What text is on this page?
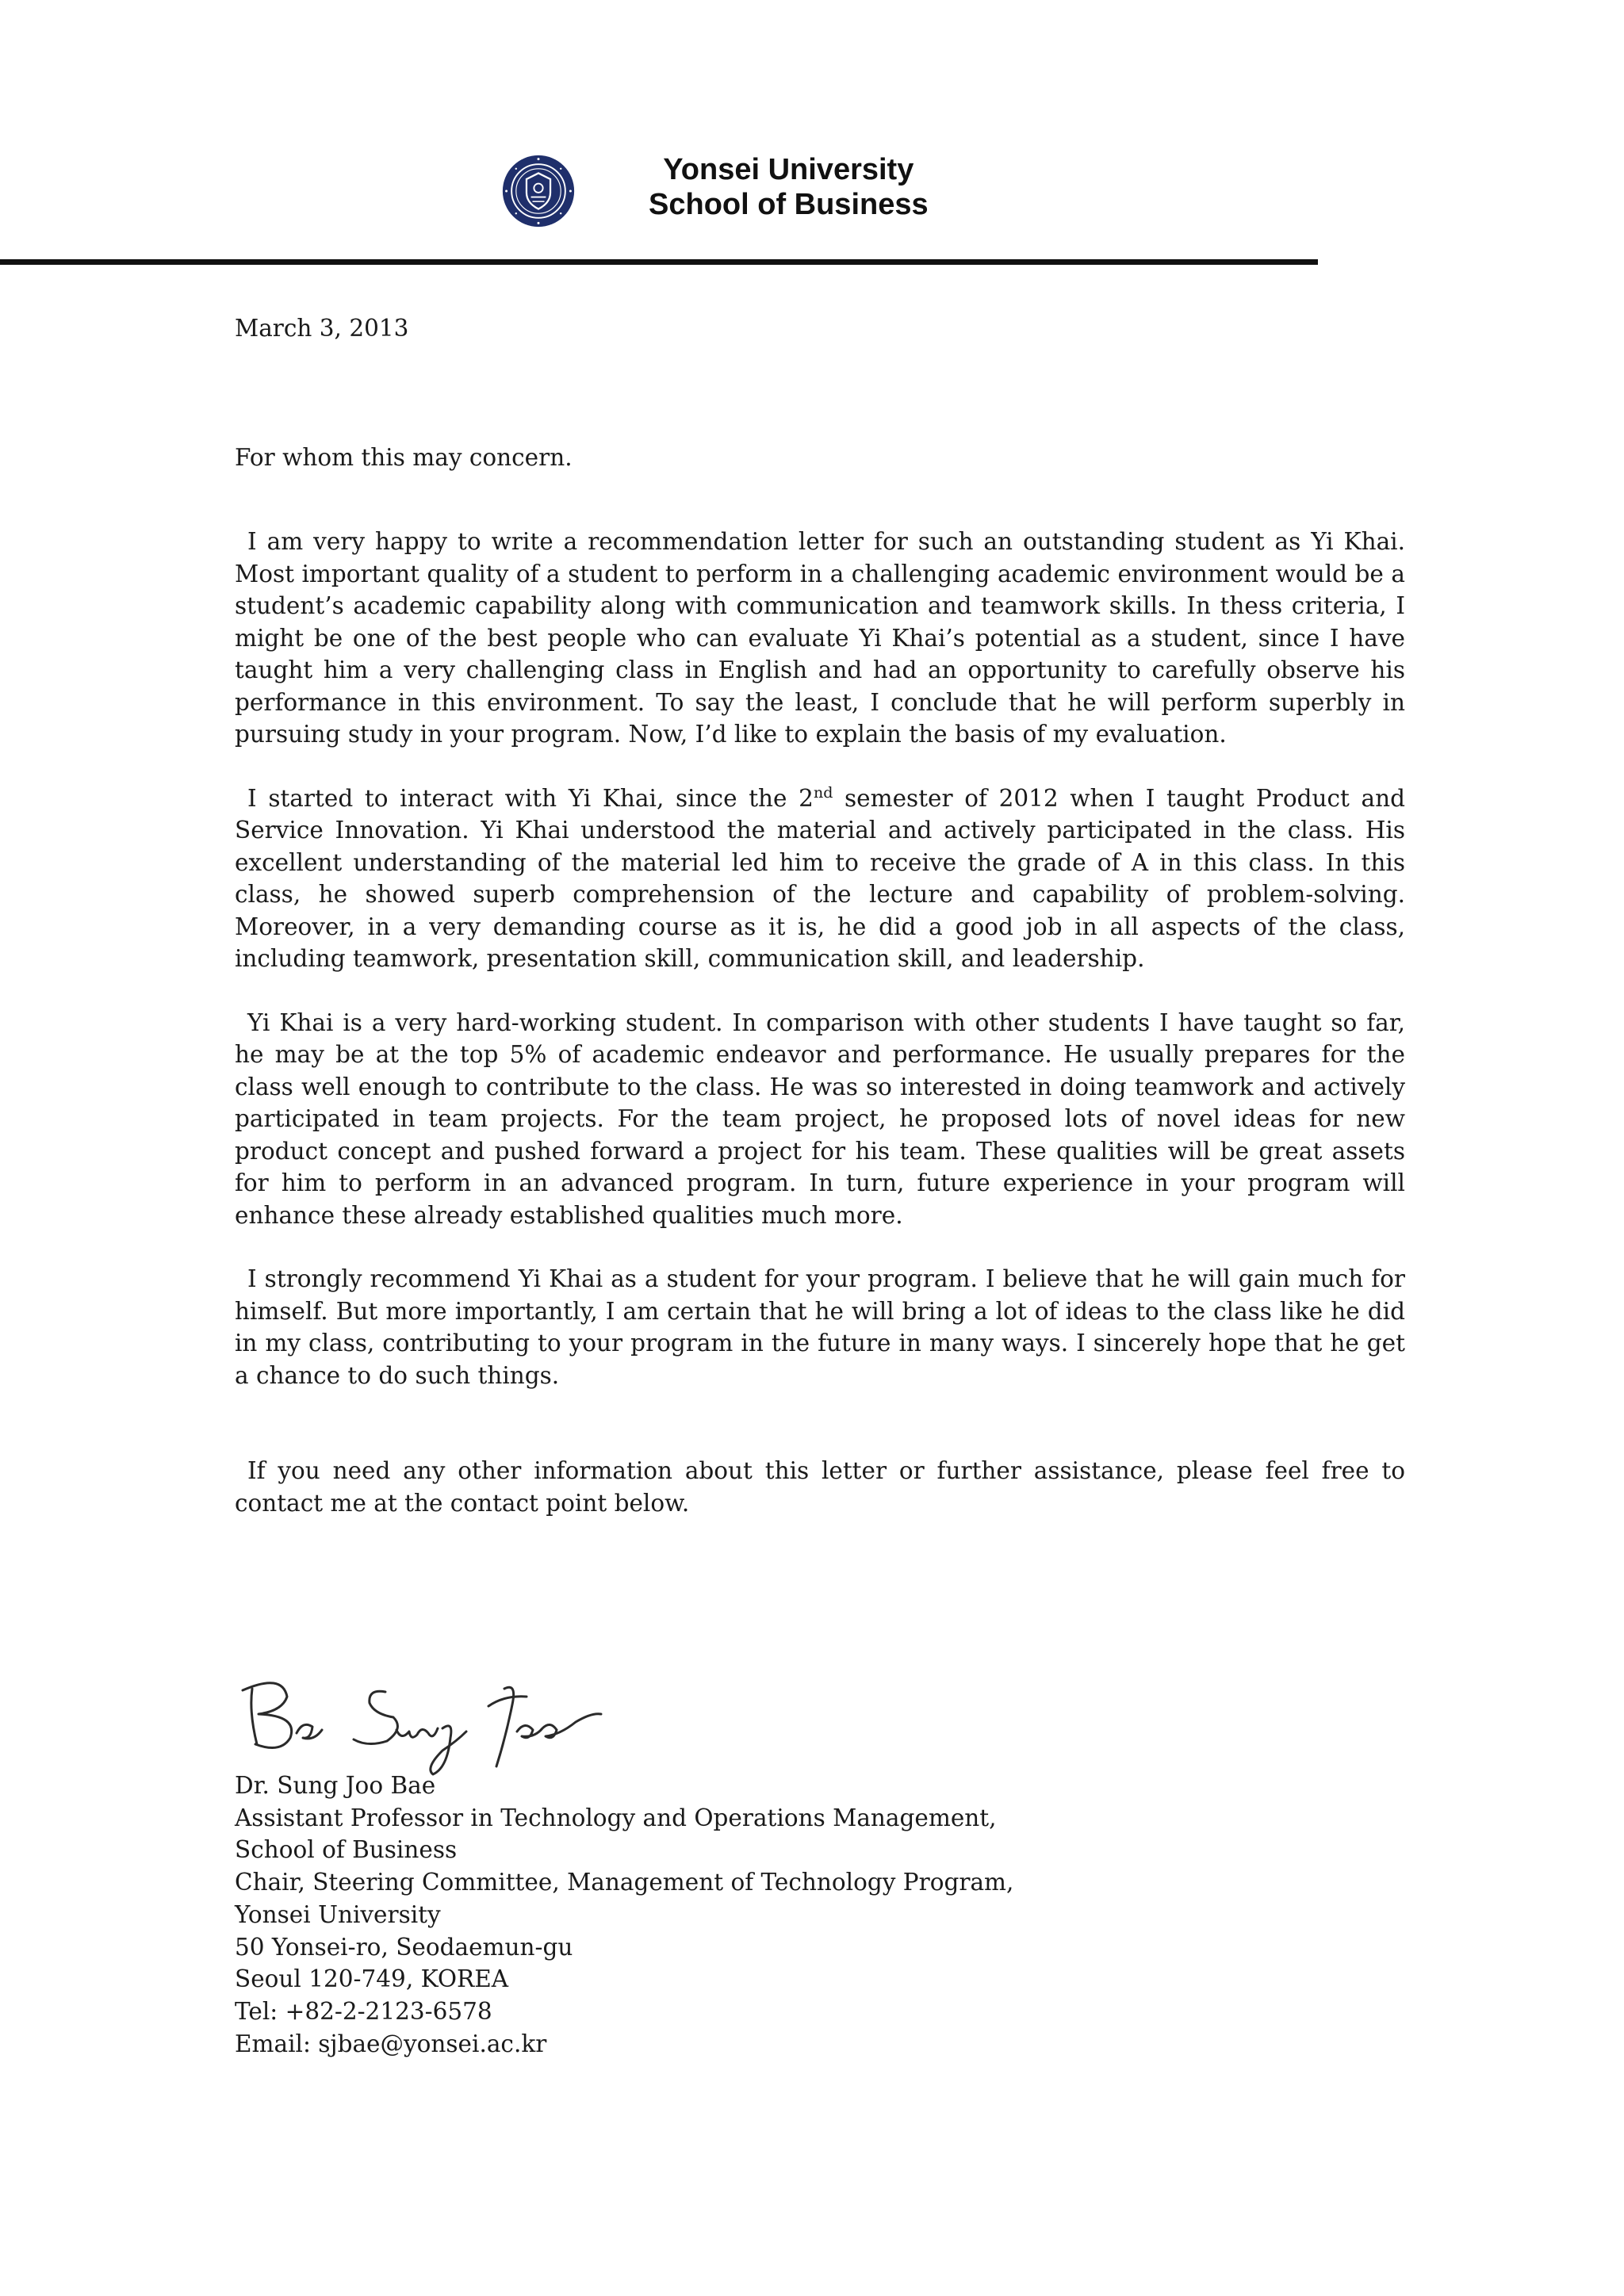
Yonsei University
School of Business

March 3, 2013

For whom this may concern.

I am very happy to write a recommendation letter for such an outstanding student as Yi Khai. Most important quality of a student to perform in a challenging academic environment would be a student’s academic capability along with communication and teamwork skills. In thess criteria, I might be one of the best people who can evaluate Yi Khai’s potential as a student, since I have taught him a very challenging class in English and had an opportunity to carefully observe his performance in this environment. To say the least, I conclude that he will perform superbly in pursuing study in your program. Now, I’d like to explain the basis of my evaluation.

I started to interact with Yi Khai, since the 2nd semester of 2012 when I taught Product and Service Innovation. Yi Khai understood the material and actively participated in the class. His excellent understanding of the material led him to receive the grade of A in this class. In this class, he showed superb comprehension of the lecture and capability of problem-solving. Moreover, in a very demanding course as it is, he did a good job in all aspects of the class, including teamwork, presentation skill, communication skill, and leadership.

Yi Khai is a very hard-working student. In comparison with other students I have taught so far, he may be at the top 5% of academic endeavor and performance. He usually prepares for the class well enough to contribute to the class. He was so interested in doing teamwork and actively participated in team projects. For the team project, he proposed lots of novel ideas for new product concept and pushed forward a project for his team. These qualities will be great assets for him to perform in an advanced program. In turn, future experience in your program will enhance these already established qualities much more.

I strongly recommend Yi Khai as a student for your program. I believe that he will gain much for himself. But more importantly, I am certain that he will bring a lot of ideas to the class like he did in my class, contributing to your program in the future in many ways. I sincerely hope that he get a chance to do such things.

If you need any other information about this letter or further assistance, please feel free to contact me at the contact point below.

Dr. Sung Joo Bae
Assistant Professor in Technology and Operations Management,
School of Business
Chair, Steering Committee, Management of Technology Program,
Yonsei University
50 Yonsei-ro, Seodaemun-gu
Seoul 120-749, KOREA
Tel: +82-2-2123-6578
Email: sjbae@yonsei.ac.kr
